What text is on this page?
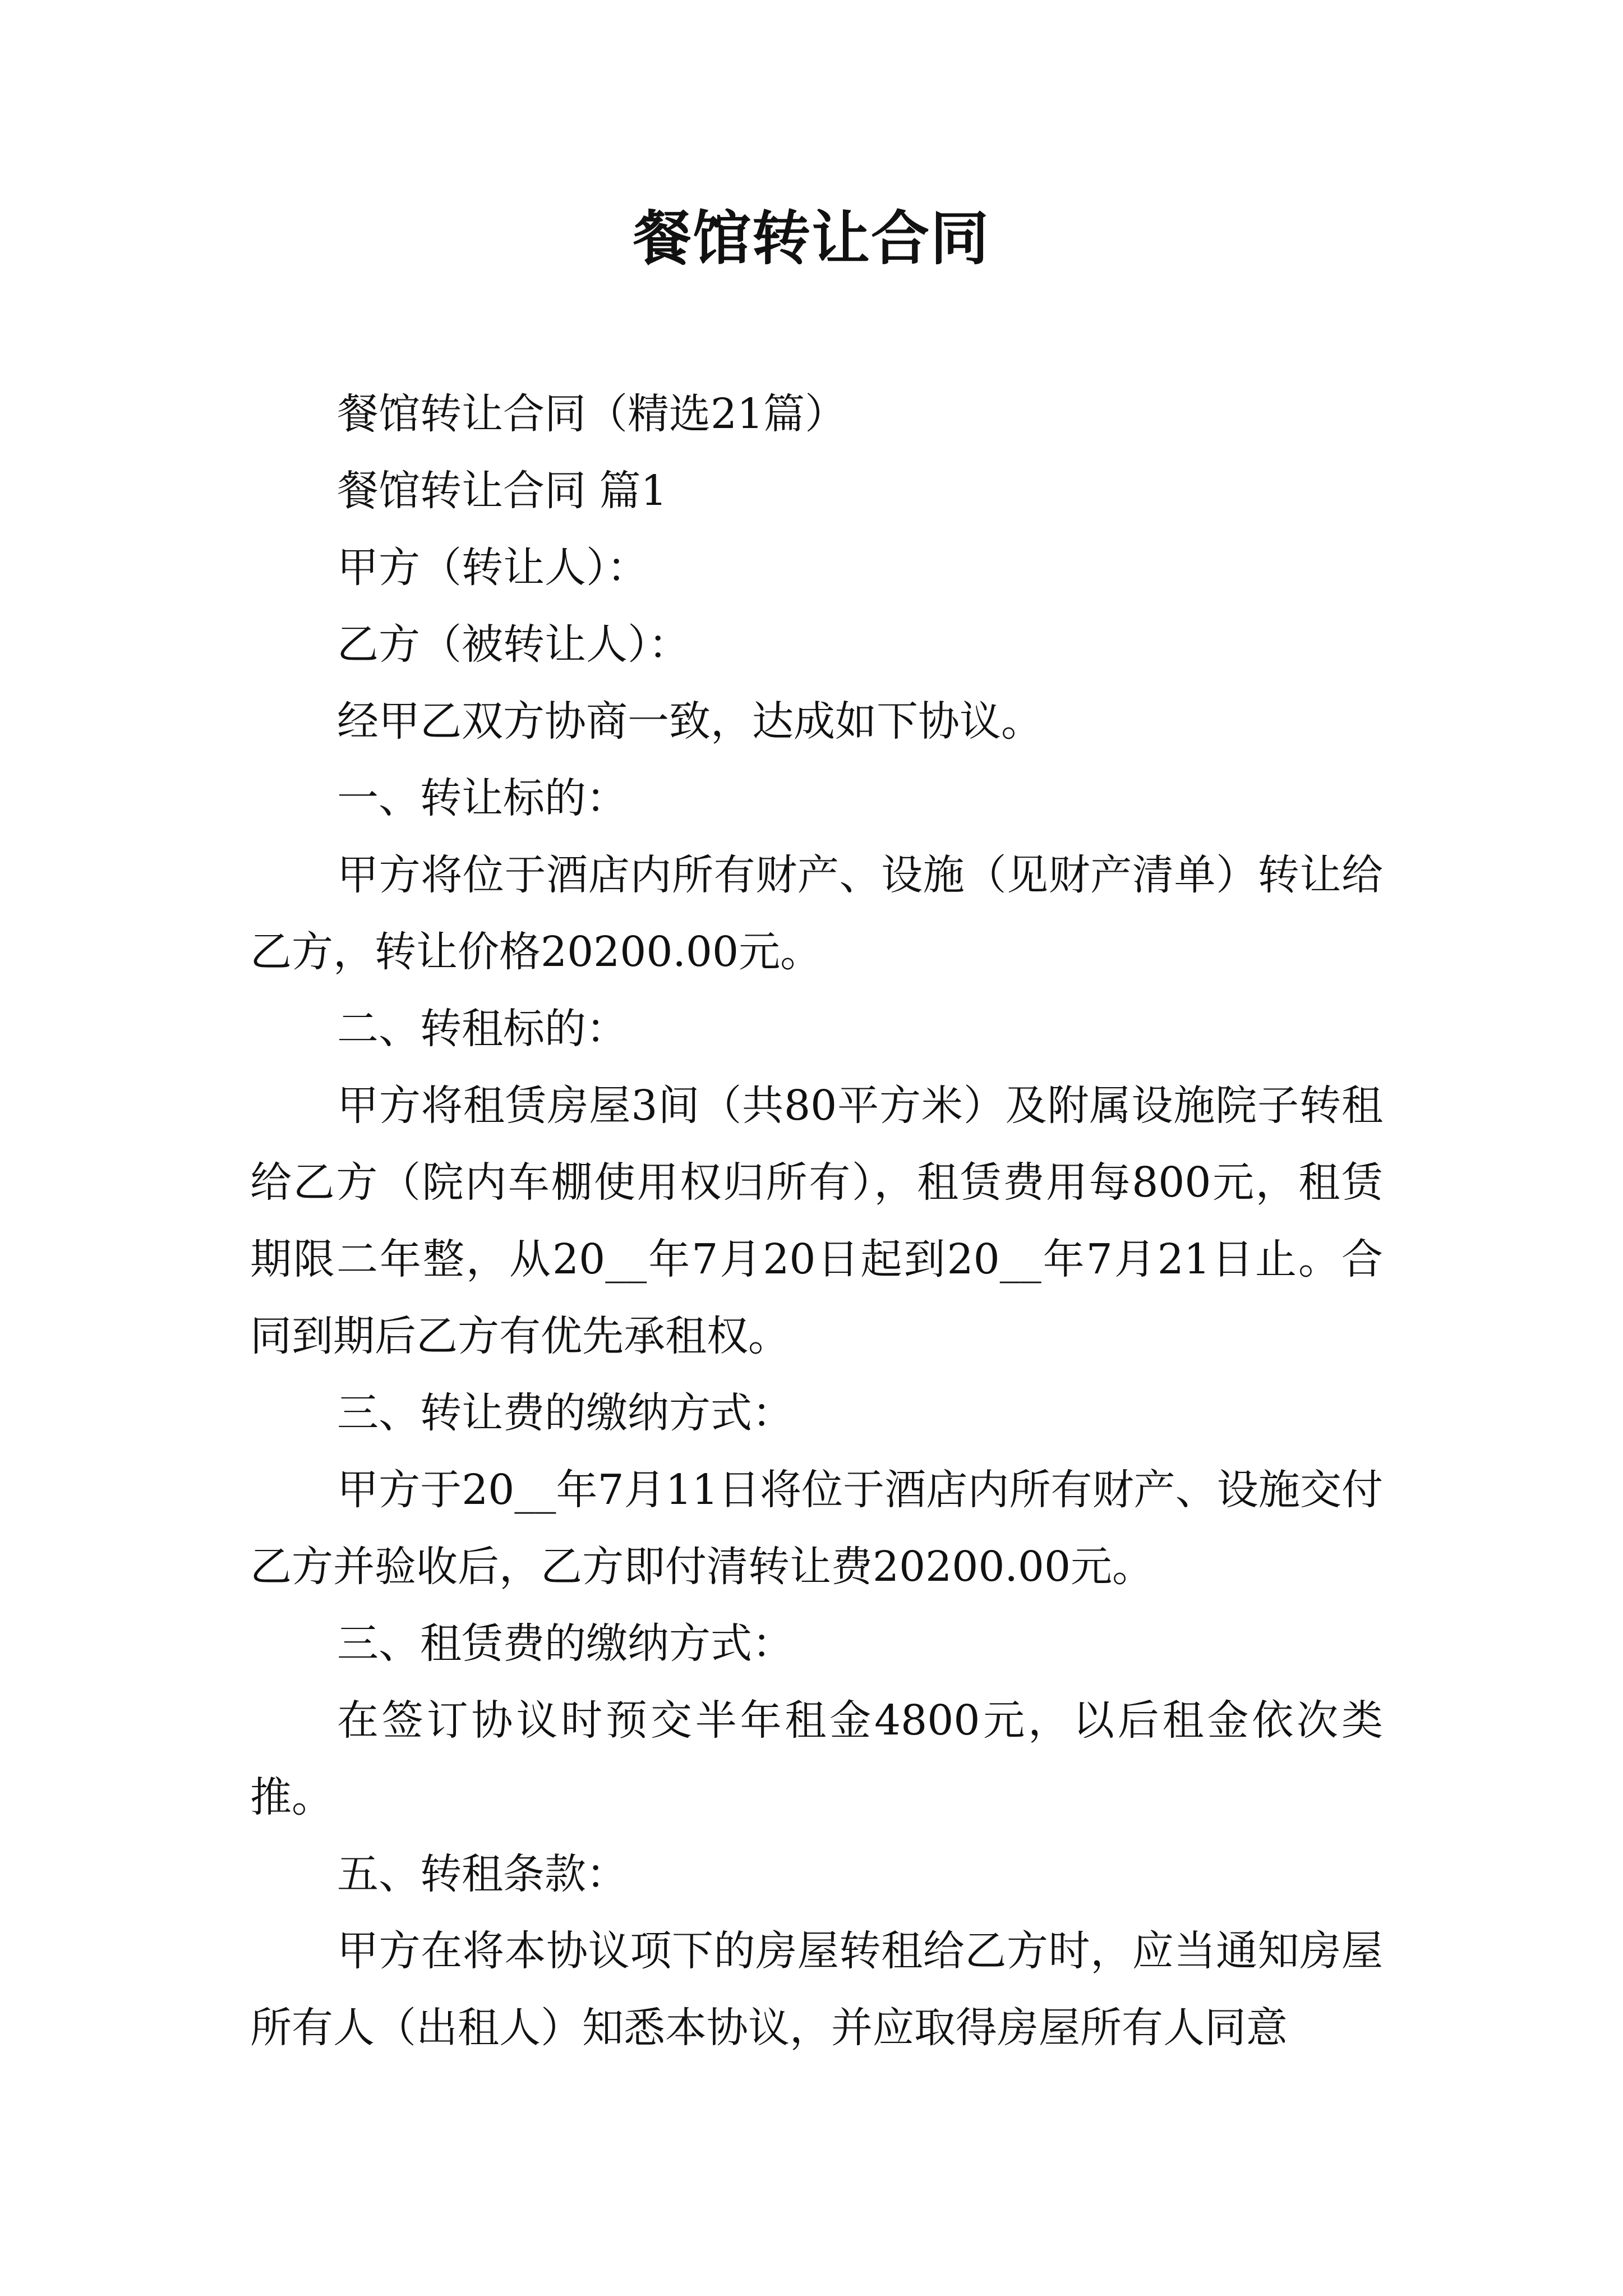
餐馆转让合同

餐馆转让合同（精选21篇）

餐馆转让合同 篇1

甲方（转让人）：

乙方（被转让人）：

经甲乙双方协商一致，达成如下协议。

一、转让标的：

甲方将位于酒店内所有财产、设施（见财产清单）转让给乙方，转让价格20200.00元。

二、转租标的：

甲方将租赁房屋3间（共80平方米）及附属设施院子转租给乙方（院内车棚使用权归所有），租赁费用每800元，租赁期限二年整，从20__年7月20日起到20__年7月21日止。合同到期后乙方有优先承租权。

三、转让费的缴纳方式：

甲方于20__年7月11日将位于酒店内所有财产、设施交付乙方并验收后，乙方即付清转让费20200.00元。

三、租赁费的缴纳方式：

在签订协议时预交半年租金4800元，以后租金依次类推。

五、转租条款：

甲方在将本协议项下的房屋转租给乙方时，应当通知房屋所有人（出租人）知悉本协议，并应取得房屋所有人同意
